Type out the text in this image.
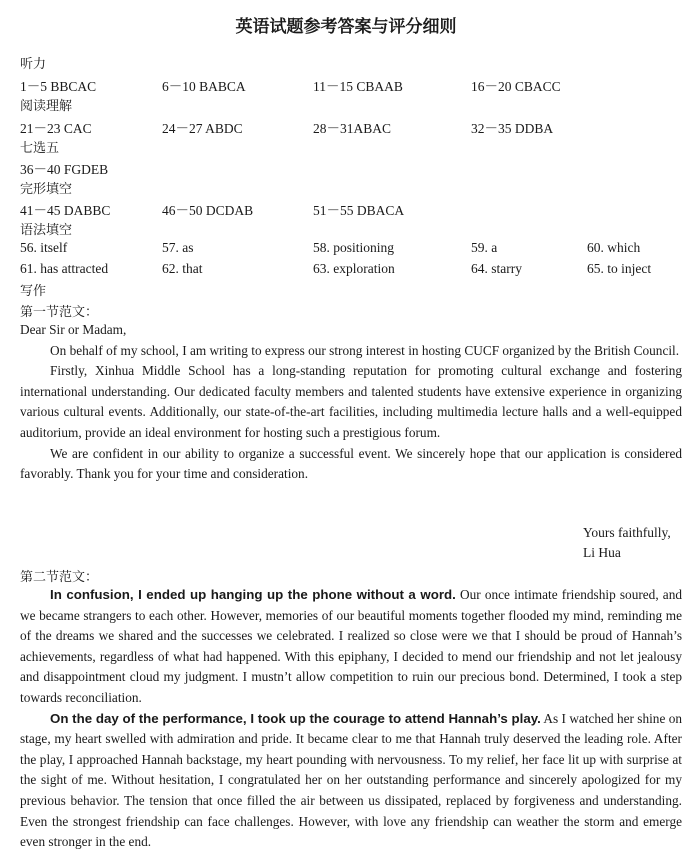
英语试题参考答案与评分细则
听力
1－5 BBCAC	6－10 BABCA	11－15 CBAAB	16－20 CBACC
阅读理解
21－23 CAC	24－27 ABDC	28－31ABAC	32－35 DDBA
七选五
36－40 FGDEB
完形填空
41－45 DABBC	46－50 DCDAB	51－55 DBACA
语法填空
56. itself	57. as	58. positioning	59. a	60. which
61. has attracted	62. that	63. exploration	64. starry	65. to inject
写作
第一节范文：

Dear Sir or Madam,

On behalf of my school, I am writing to express our strong interest in hosting CUCF organized by the British Council.

Firstly, Xinhua Middle School has a long-standing reputation for promoting cultural exchange and fostering international understanding. Our dedicated faculty members and talented students have extensive experience in organizing various cultural events. Additionally, our state-of-the-art facilities, including multimedia lecture halls and a well-equipped auditorium, provide an ideal environment for hosting such a prestigious forum.

We are confident in our ability to organize a successful event. We sincerely hope that our application is considered favorably. Thank you for your time and consideration.

Yours faithfully,
Li Hua
第二节范文：

In confusion, I ended up hanging up the phone without a word. Our once intimate friendship soured, and we became strangers to each other. However, memories of our beautiful moments together flooded my mind, reminding me of the dreams we shared and the successes we celebrated. I realized so close were we that I should be proud of Hannah’s achievements, regardless of what had happened. With this epiphany, I decided to mend our friendship and not let jealousy and disappointment cloud my judgment. I mustn’t allow competition to ruin our precious bond. Determined, I took a step towards reconciliation.

On the day of the performance, I took up the courage to attend Hannah’s play. As I watched her shine on stage, my heart swelled with admiration and pride. It became clear to me that Hannah truly deserved the leading role. After the play, I approached Hannah backstage, my heart pounding with nervousness. To my relief, her face lit up with surprise at the sight of me. Without hesitation, I congratulated her on her outstanding performance and sincerely apologized for my previous behavior. The tension that once filled the air between us dissipated, replaced by forgiveness and understanding. Even the strongest friendship can face challenges. However, with love any friendship can weather the storm and emerge even stronger in the end.
